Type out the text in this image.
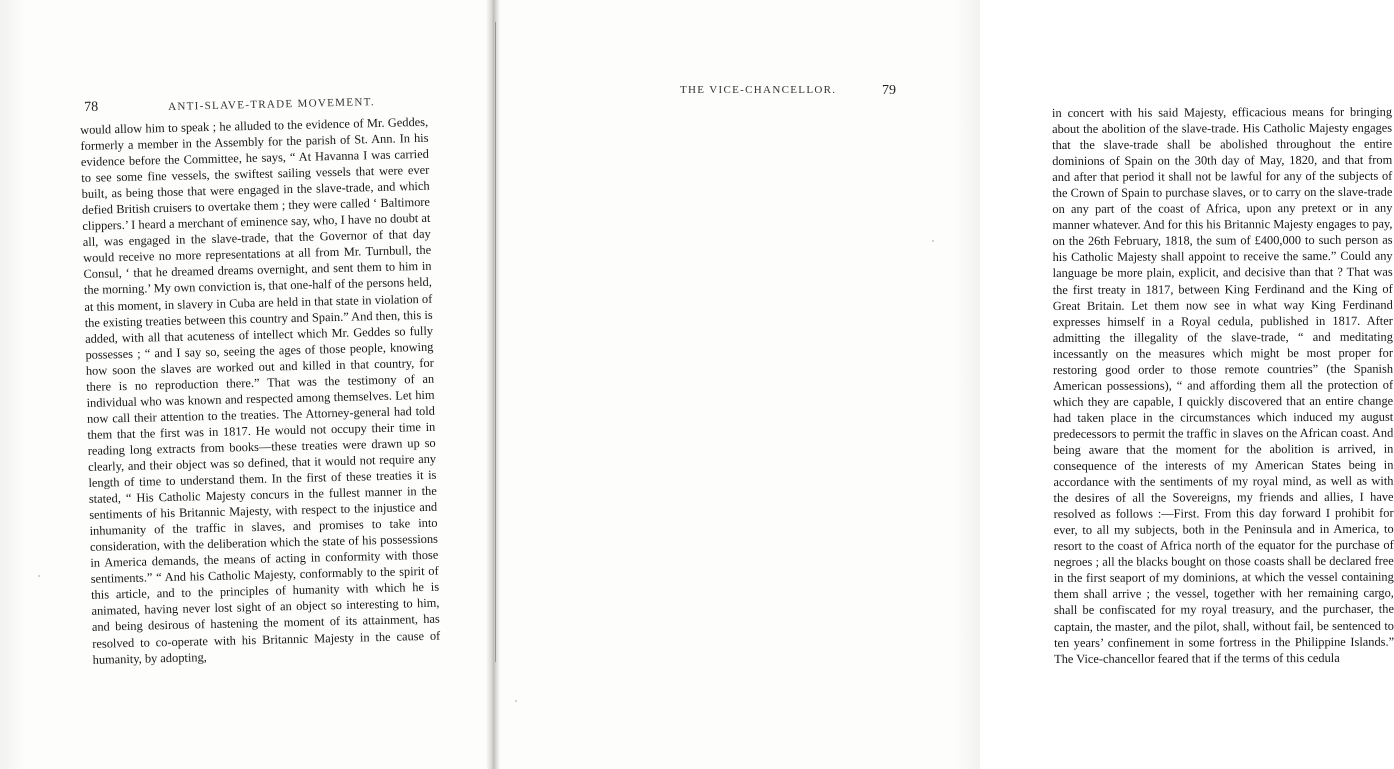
78	ANTI-SLAVE-TRADE MOVEMENT.

would allow him to speak ; he alluded to the evidence of Mr. Geddes, formerly a member in the Assembly for the parish of St. Ann. In his evidence before the Committee, he says, “ At Havanna I was carried to see some fine vessels, the swiftest sailing vessels that were ever built, as being those that were engaged in the slave-trade, and which defied British cruisers to overtake them ; they were called ‘ Baltimore clippers.’ I heard a merchant of eminence say, who, I have no doubt at all, was engaged in the slave-trade, that the Governor of that day would receive no more representations at all from Mr. Turnbull, the Consul, ‘ that he dreamed dreams overnight, and sent them to him in the morning.’ My own conviction is, that one-half of the persons held, at this moment, in slavery in Cuba are held in that state in violation of the existing treaties between this country and Spain.” And then, this is added, with all that acuteness of intellect which Mr. Geddes so fully possesses ; “ and I say so, seeing the ages of those people, knowing how soon the slaves are worked out and killed in that country, for there is no reproduction there.” That was the testimony of an individual who was known and respected among themselves. Let him now call their attention to the treaties. The Attorney-general had told them that the first was in 1817. He would not occupy their time in reading long extracts from books—these treaties were drawn up so clearly, and their object was so defined, that it would not require any length of time to understand them. In the first of these treaties it is stated, “ His Catholic Majesty concurs in the fullest manner in the sentiments of his Britannic Majesty, with respect to the injustice and inhumanity of the traffic in slaves, and promises to take into consideration, with the deliberation which the state of his possessions in America demands, the means of acting in conformity with those sentiments.” “ And his Catholic Majesty, conformably to the spirit of this article, and to the principles of humanity with which he is animated, having never lost sight of an object so interesting to him, and being desirous of hastening the moment of its attainment, has resolved to co-operate with his Britannic Majesty in the cause of humanity, by adopting,

79
THE VICE-CHANCELLOR.

in concert with his said Majesty, efficacious means for bringing about the abolition of the slave-trade. His Catholic Majesty engages that the slave-trade shall be abolished throughout the entire dominions of Spain on the 30th day of May, 1820, and that from and after that period it shall not be lawful for any of the subjects of the Crown of Spain to purchase slaves, or to carry on the slave-trade on any part of the coast of Africa, upon any pretext or in any manner whatever. And for this his Britannic Majesty engages to pay, on the 26th February, 1818, the sum of £400,000 to such person as his Catholic Majesty shall appoint to receive the same.” Could any language be more plain, explicit, and decisive than that ? That was the first treaty in 1817, between King Ferdinand and the King of Great Britain. Let them now see in what way King Ferdinand expresses himself in a Royal cedula, published in 1817. After admitting the illegality of the slave-trade, “ and meditating incessantly on the measures which might be most proper for restoring good order to those remote countries” (the Spanish American possessions), “ and affording them all the protection of which they are capable, I quickly discovered that an entire change had taken place in the circumstances which induced my august predecessors to permit the traffic in slaves on the African coast. And being aware that the moment for the abolition is arrived, in consequence of the interests of my American States being in accordance with the sentiments of my royal mind, as well as with the desires of all the Sovereigns, my friends and allies, I have resolved as follows :—First. From this day forward I prohibit for ever, to all my subjects, both in the Peninsula and in America, to resort to the coast of Africa north of the equator for the purchase of negroes ; all the blacks bought on those coasts shall be declared free in the first seaport of my dominions, at which the vessel containing them shall arrive ; the vessel, together with her remaining cargo, shall be confiscated for my royal treasury, and the purchaser, the captain, the master, and the pilot, shall, without fail, be sentenced to ten years’ confinement in some fortress in the Philippine Islands.” The Vice-chancellor feared that if the terms of this cedula
